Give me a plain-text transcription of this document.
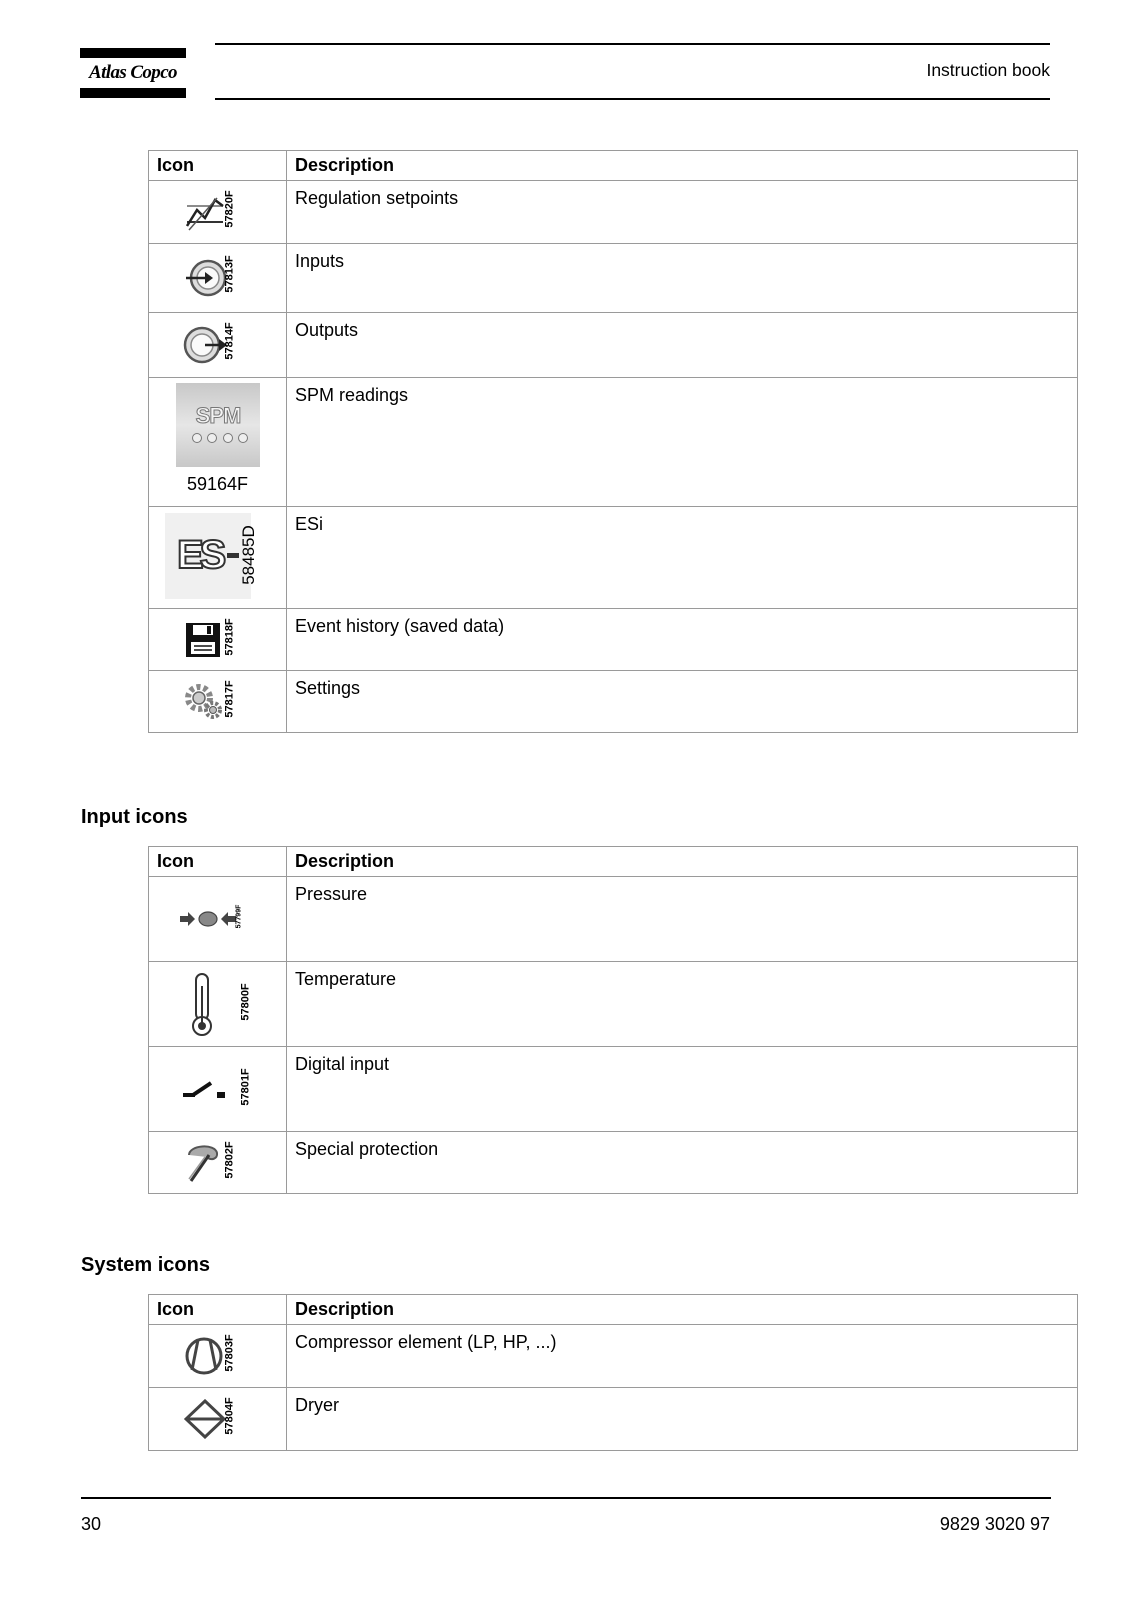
Atlas Copco	Instruction book
Icon	Description

57820F	Regulation setpoints

57813F	Inputs

57814F	Outputs

SPM
59164F	SPM readings

ES 58485D	ESi

57818F	Event history (saved data)

57817F	Settings
Input icons
Icon	Description

57799F	Pressure

57800F	Temperature

57801F	Digital input

57802F	Special protection
System icons
Icon	Description

57803F	Compressor element (LP, HP, ...)

57804F	Dryer
30	9829 3020 97
